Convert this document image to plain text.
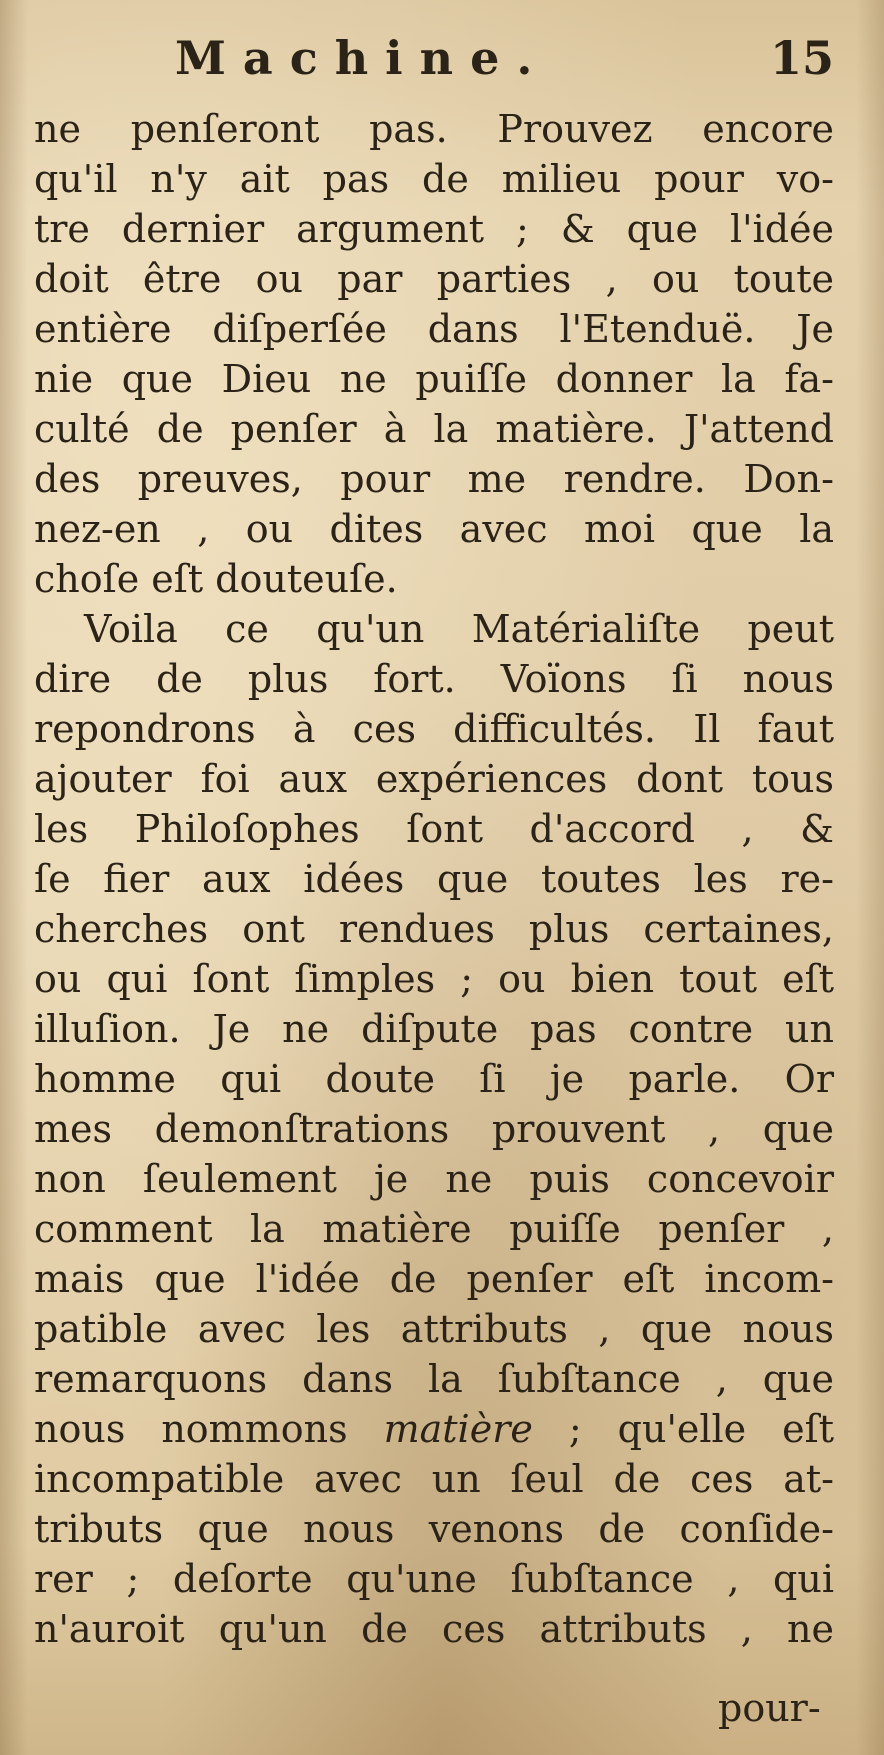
Machine.	15
ne penſeront pas. Prouvez encore
qu'il n'y ait pas de milieu pour vo-
tre dernier argument ; & que l'idée
doit être ou par parties , ou toute
entière diſperſée dans l'Etenduë. Je
nie que Dieu ne puiſſe donner la fa-
culté de penſer à la matière. J'attend
des preuves, pour me rendre. Don-
nez-en , ou dites avec moi que la
choſe eſt douteuſe.
Voila ce qu'un Matérialiſte peut
dire de plus fort. Voïons ſi nous
repondrons à ces difficultés. Il faut
ajouter foi aux expériences dont tous
les Philoſophes ſont d'accord , &
ſe fier aux idées que toutes les re-
cherches ont rendues plus certaines,
ou qui ſont ſimples ; ou bien tout eſt
illuſion. Je ne diſpute pas contre un
homme qui doute ſi je parle. Or
mes demonſtrations prouvent , que
non ſeulement je ne puis concevoir
comment la matière puiſſe penſer ,
mais que l'idée de penſer eſt incom-
patible avec les attributs , que nous
remarquons dans la ſubſtance , que
nous nommons matière ; qu'elle eſt
incompatible avec un ſeul de ces at-
tributs que nous venons de conſide-
rer ; deſorte qu'une ſubſtance , qui
n'auroit qu'un de ces attributs , ne
pour-
